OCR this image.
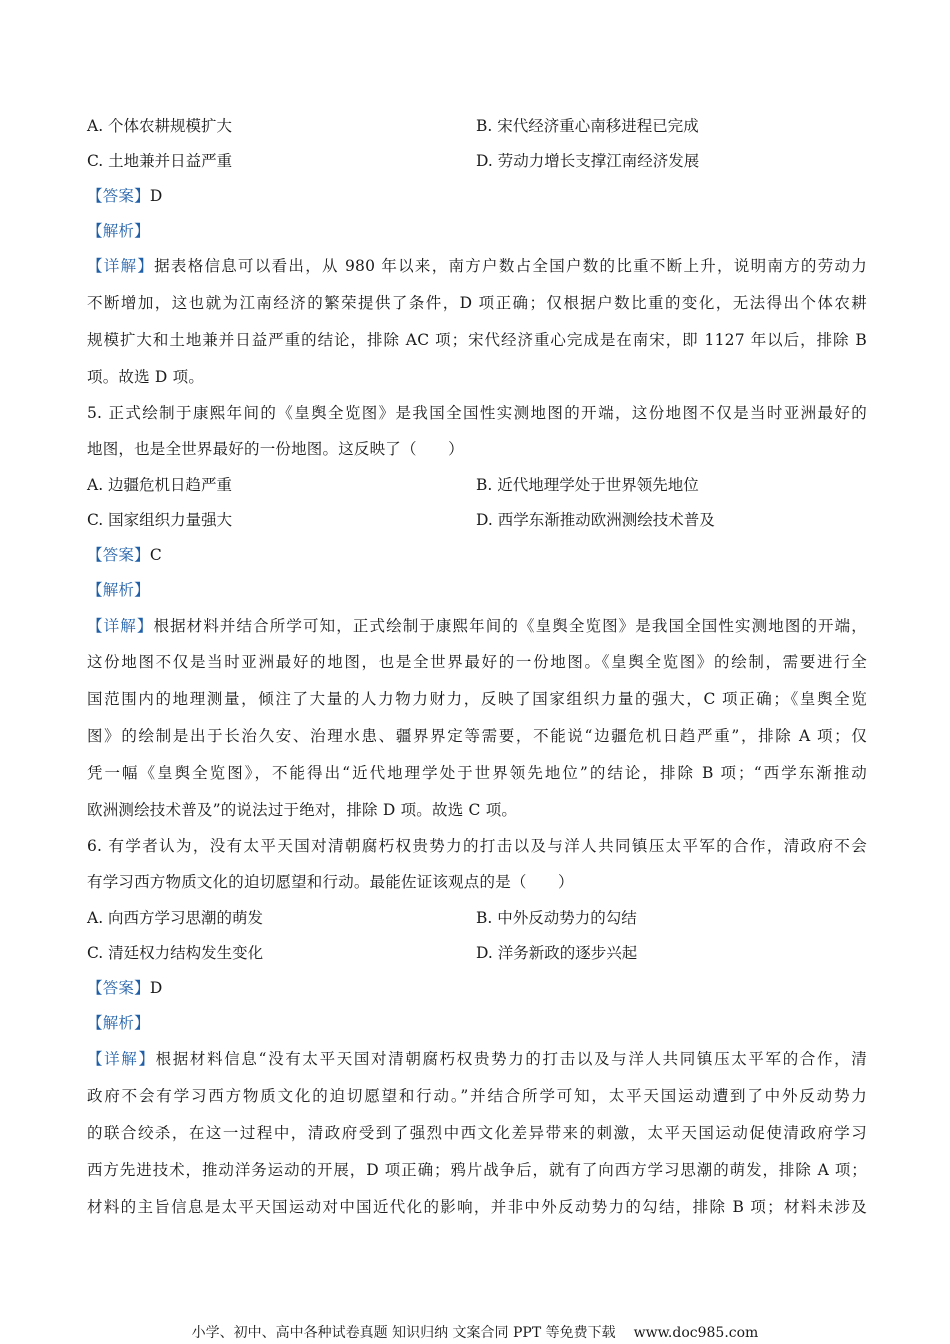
A. 个体农耕规模扩大	B. 宋代经济重心南移进程已完成
C. 土地兼并日益严重	D. 劳动力增长支撑江南经济发展
【答案】D
【解析】
【详解】据表格信息可以看出，从 980 年以来，南方户数占全国户数的比重不断上升，说明南方的劳动力
不断增加，这也就为江南经济的繁荣提供了条件，D 项正确；仅根据户数比重的变化，无法得出个体农耕
规模扩大和土地兼并日益严重的结论，排除 AC 项；宋代经济重心完成是在南宋，即 1127 年以后，排除 B
项。故选 D 项。
5. 正式绘制于康熙年间的《皇舆全览图》是我国全国性实测地图的开端，这份地图不仅是当时亚洲最好的
地图，也是全世界最好的一份地图。这反映了（　　）
A. 边疆危机日趋严重	B. 近代地理学处于世界领先地位
C. 国家组织力量强大	D. 西学东渐推动欧洲测绘技术普及
【答案】C
【解析】
【详解】根据材料并结合所学可知，正式绘制于康熙年间的《皇舆全览图》是我国全国性实测地图的开端，
这份地图不仅是当时亚洲最好的地图，也是全世界最好的一份地图。《皇舆全览图》的绘制，需要进行全
国范围内的地理测量，倾注了大量的人力物力财力，反映了国家组织力量的强大，C 项正确；《皇舆全览
图》的绘制是出于长治久安、治理水患、疆界界定等需要，不能说“边疆危机日趋严重”，排除 A 项；仅
凭一幅《皇舆全览图》，不能得出“近代地理学处于世界领先地位”的结论，排除 B 项；“西学东渐推动
欧洲测绘技术普及”的说法过于绝对，排除 D 项。故选 C 项。
6. 有学者认为，没有太平天国对清朝腐朽权贵势力的打击以及与洋人共同镇压太平军的合作，清政府不会
有学习西方物质文化的迫切愿望和行动。最能佐证该观点的是（　　）
A. 向西方学习思潮的萌发	B. 中外反动势力的勾结
C. 清廷权力结构发生变化	D. 洋务新政的逐步兴起
【答案】D
【解析】
【详解】根据材料信息“没有太平天国对清朝腐朽权贵势力的打击以及与洋人共同镇压太平军的合作，清
政府不会有学习西方物质文化的迫切愿望和行动。”并结合所学可知，太平天国运动遭到了中外反动势力
的联合绞杀，在这一过程中，清政府受到了强烈中西文化差异带来的刺激，太平天国运动促使清政府学习
西方先进技术，推动洋务运动的开展，D 项正确；鸦片战争后，就有了向西方学习思潮的萌发，排除 A 项；
材料的主旨信息是太平天国运动对中国近代化的影响，并非中外反动势力的勾结，排除 B 项；材料未涉及
小学、初中、高中各种试卷真题 知识归纳 文案合同 PPT 等免费下载 www.doc985.com
